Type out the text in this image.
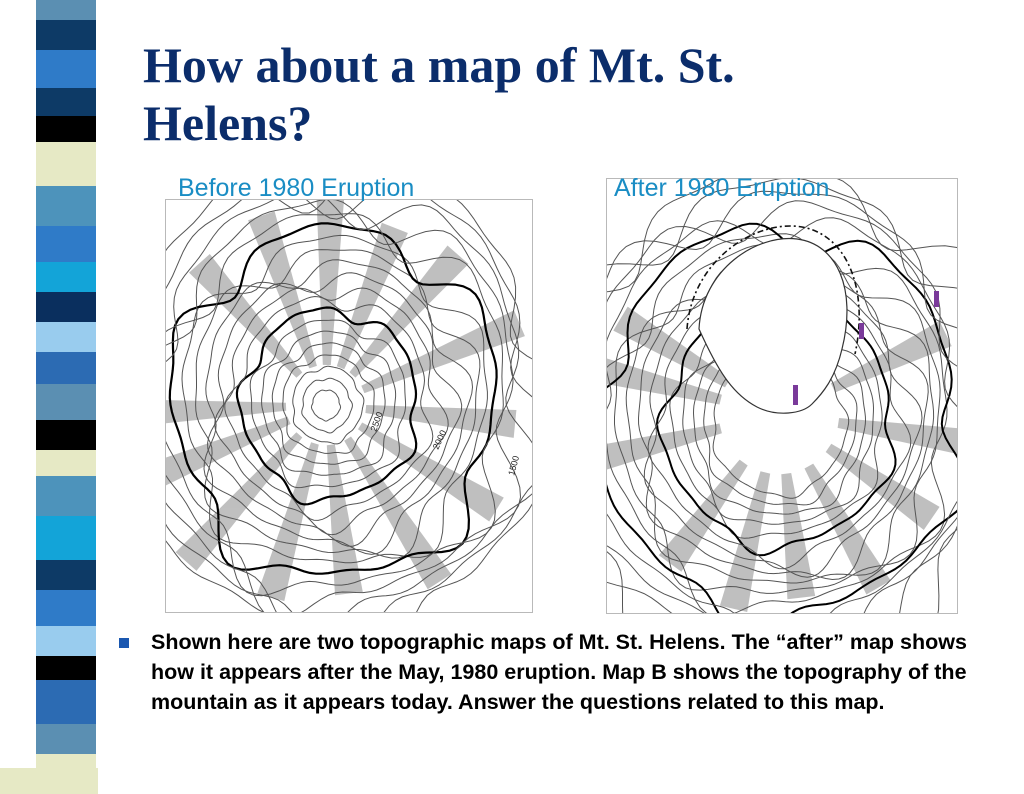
How about a map of Mt. St. Helens?
Before 1980 Eruption	After 1980 Eruption
2500
2000
1500

Shown here are two topographic maps of Mt. St. Helens. The “after” map shows how it appears after the May, 1980 eruption. Map B shows the topography of the mountain as it appears today. Answer the questions related to this map.
